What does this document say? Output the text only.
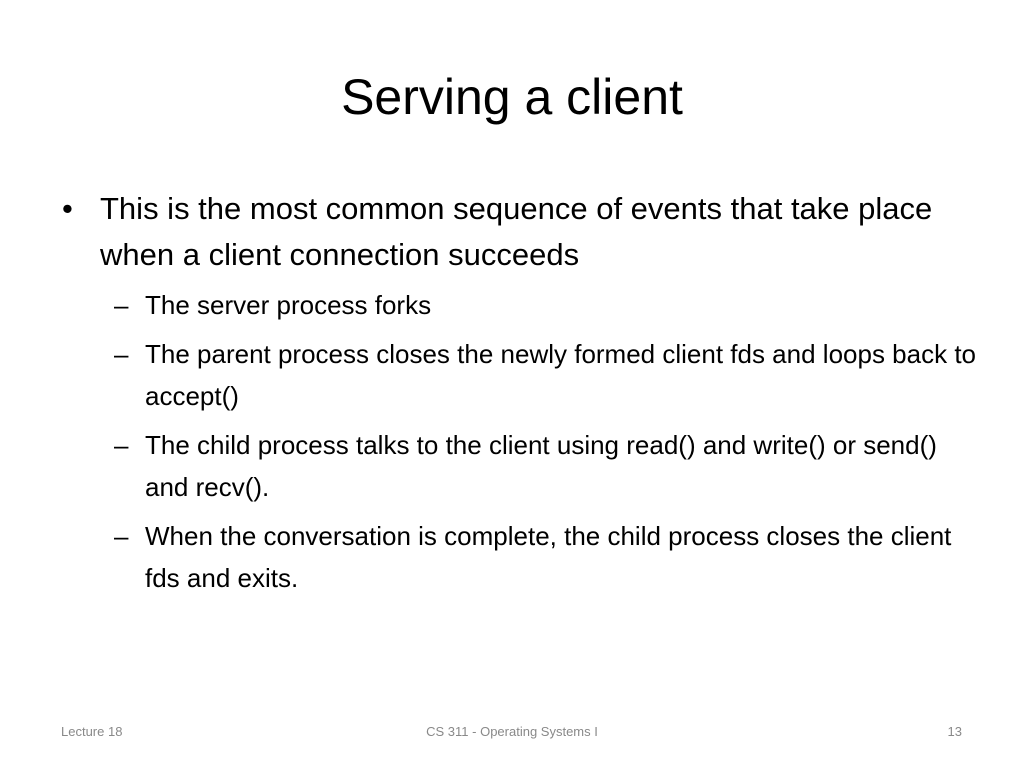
Serving a client
• This is the most common sequence of events that take place when a client connection succeeds
– The server process forks
– The parent process closes the newly formed client fds and loops back to accept()
– The child process talks to the client using read() and write() or send() and recv().
– When the conversation is complete, the child process closes the client fds and exits.
Lecture 18	CS 311 - Operating Systems I	13
